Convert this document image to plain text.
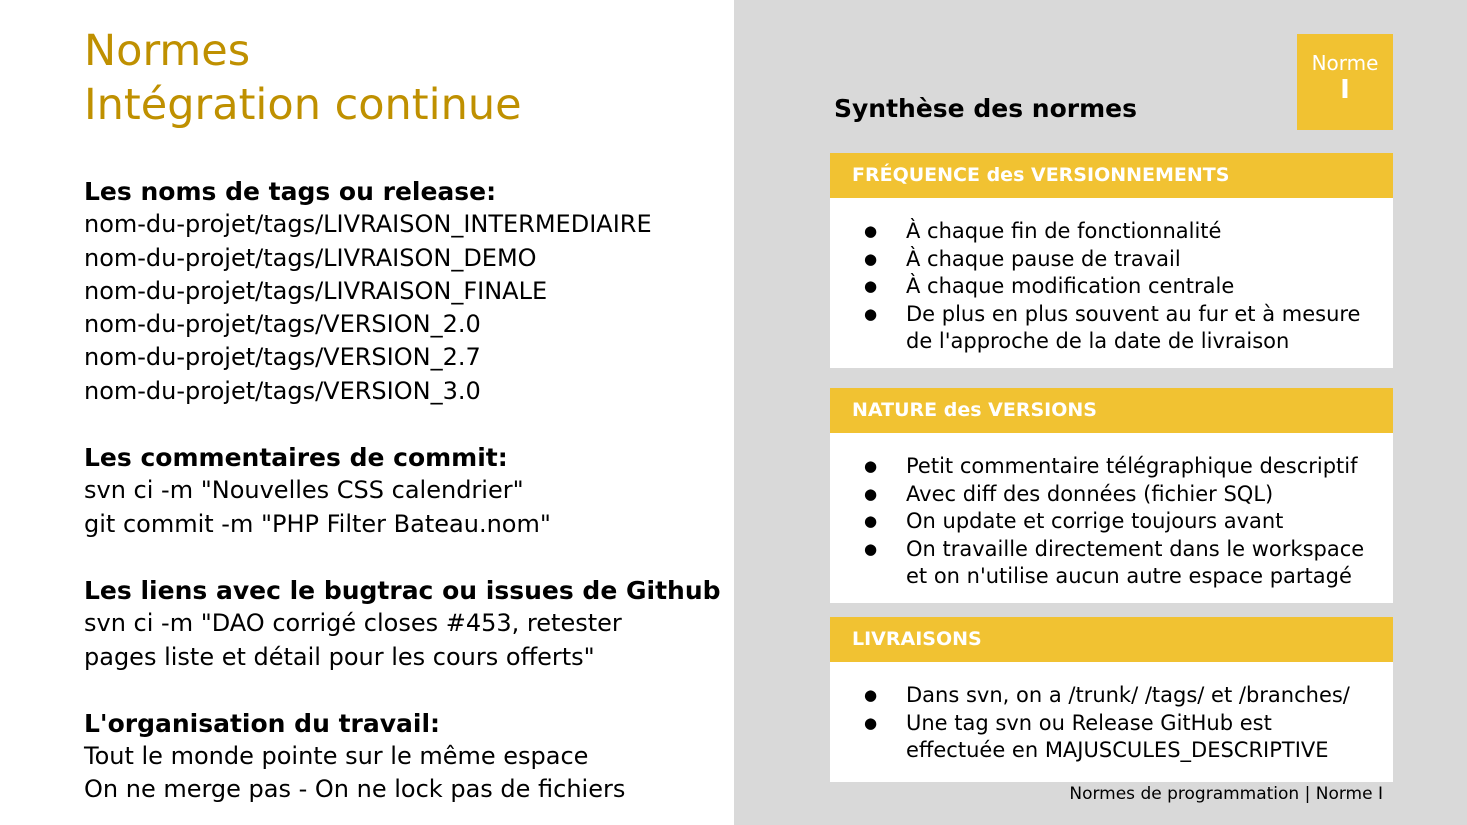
Normes
Intégration continue
Les noms de tags ou release:
nom-du-projet/tags/LIVRAISON_INTERMEDIAIRE
nom-du-projet/tags/LIVRAISON_DEMO
nom-du-projet/tags/LIVRAISON_FINALE
nom-du-projet/tags/VERSION_2.0
nom-du-projet/tags/VERSION_2.7
nom-du-projet/tags/VERSION_3.0
Les commentaires de commit:
svn ci -m "Nouvelles CSS calendrier"
git commit -m "PHP Filter Bateau.nom"
Les liens avec le bugtrac ou issues de Github
svn ci -m "DAO corrigé closes #453, retester
pages liste et détail pour les cours offerts"
L'organisation du travail:
Tout le monde pointe sur le même espace
On ne merge pas - On ne lock pas de fichiers
Norme
I
Synthèse des normes
FRÉQUENCE des VERSIONNEMENTS
● À chaque fin de fonctionnalité
● À chaque pause de travail
● À chaque modification centrale
● De plus en plus souvent au fur et à mesure
de l'approche de la date de livraison
NATURE des VERSIONS
● Petit commentaire télégraphique descriptif
● Avec diff des données (fichier SQL)
● On update et corrige toujours avant
● On travaille directement dans le workspace
et on n'utilise aucun autre espace partagé
LIVRAISONS
● Dans svn, on a /trunk/ /tags/ et /branches/
● Une tag svn ou Release GitHub est
effectuée en MAJUSCULES_DESCRIPTIVE
Normes de programmation | Norme I
